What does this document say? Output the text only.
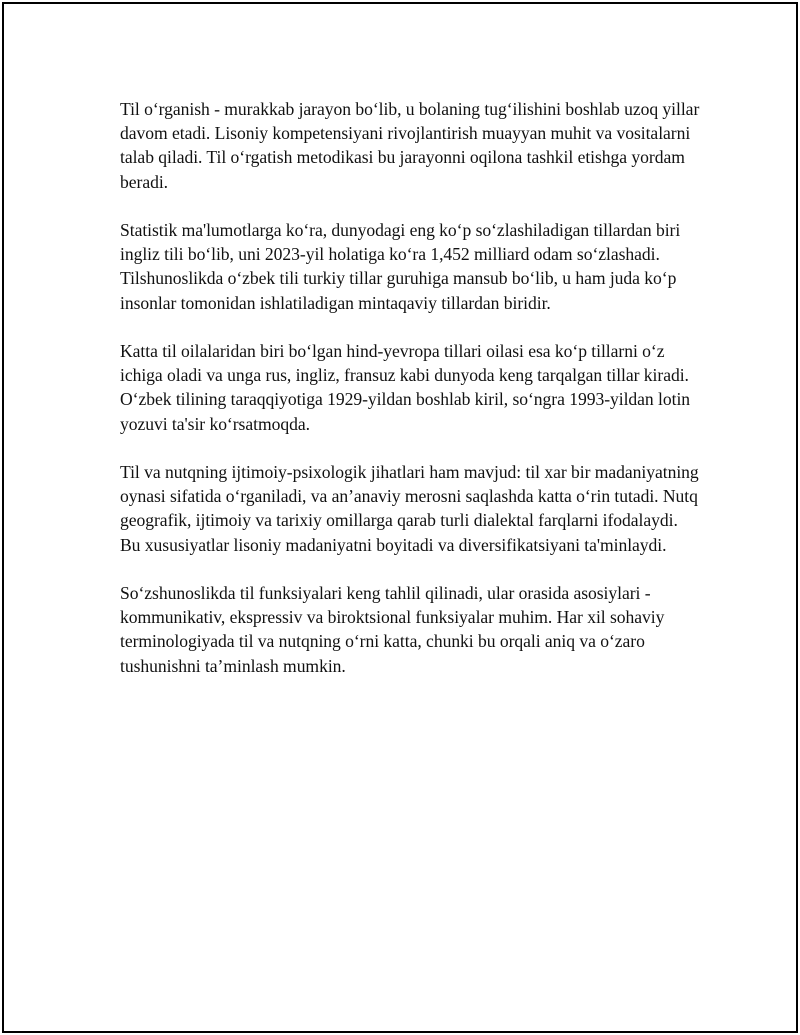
Til oʻrganish - murakkab jarayon boʻlib, u bolaning tugʻilishini boshlab uzoq yillar davom etadi. Lisoniy kompetensiyani rivojlantirish muayyan muhit va vositalarni talab qiladi. Til oʻrgatish metodikasi bu jarayonni oqilona tashkil etishga yordam beradi.

Statistik ma'lumotlarga koʻra, dunyodagi eng koʻp soʻzlashiladigan tillardan biri ingliz tili boʻlib, uni 2023-yil holatiga koʻra 1,452 milliard odam soʻzlashadi. Tilshunoslikda oʻzbek tili turkiy tillar guruhiga mansub boʻlib, u ham juda koʻp insonlar tomonidan ishlatiladigan mintaqaviy tillardan biridir.

Katta til oilalaridan biri boʻlgan hind-yevropa tillari oilasi esa koʻp tillarni oʻz ichiga oladi va unga rus, ingliz, fransuz kabi dunyoda keng tarqalgan tillar kiradi. Oʻzbek tilining taraqqiyotiga 1929-yildan boshlab kiril, soʻngra 1993-yildan lotin yozuvi ta'sir koʻrsatmoqda.

Til va nutqning ijtimoiy-psixologik jihatlari ham mavjud: til xar bir madaniyatning oynasi sifatida oʻrganiladi, va an’anaviy merosni saqlashda katta oʻrin tutadi. Nutq geografik, ijtimoiy va tarixiy omillarga qarab turli dialektal farqlarni ifodalaydi. Bu xususiyatlar lisoniy madaniyatni boyitadi va diversifikatsiyani ta'minlaydi.

Soʻzshunoslikda til funksiyalari keng tahlil qilinadi, ular orasida asosiylari - kommunikativ, ekspressiv va biroktsional funksiyalar muhim. Har xil sohaviy terminologiyada til va nutqning oʻrni katta, chunki bu orqali aniq va oʻzaro tushunishni ta’minlash mumkin.
